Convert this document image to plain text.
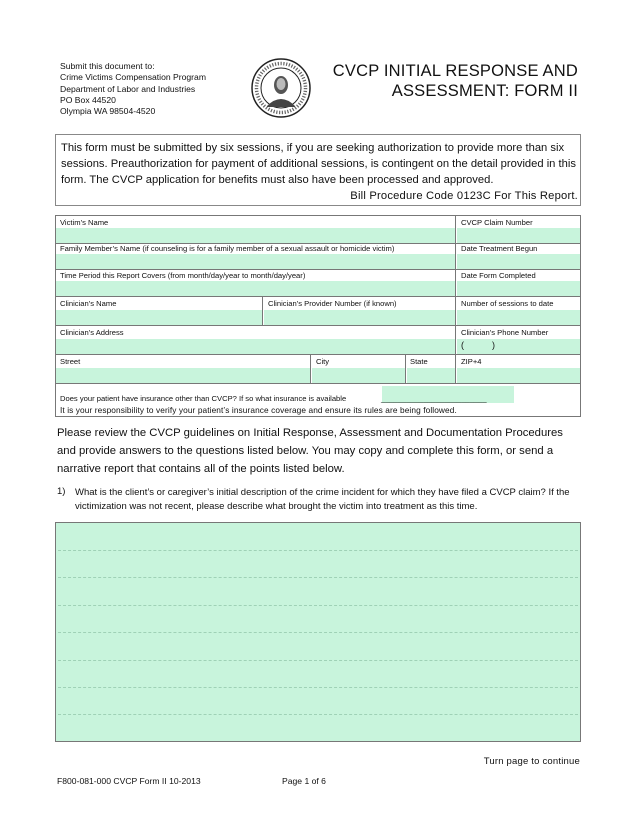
Submit this document to:
Crime Victims Compensation Program
Department of Labor and Industries
PO Box 44520
Olympia WA 98504-4520
CVCP INITIAL RESPONSE AND
ASSESSMENT: FORM II
This form must be submitted by six sessions, if you are seeking authorization to provide more than six sessions. Preauthorization for payment of additional sessions, is contingent on the detail provided in this form. The CVCP application for benefits must also have been processed and approved.
Bill Procedure Code 0123C For This Report.
Victim’s Name	CVCP Claim Number
Family Member’s Name (if counseling is for a family member of a sexual assault or homicide victim)	Date Treatment Begun
Time Period this Report Covers (from month/day/year to month/day/year)	Date Form Completed
Clinician’s Name	Clinician’s Provider Number (if known)	Number of sessions to date
Clinician’s Address	Clinician’s Phone Number
(	)
Street	City	State	ZIP+4
Does your patient have insurance other than CVCP? If so what insurance is available	_________________________
It is your responsibility to verify your patient’s insurance coverage and ensure its rules are being followed.
Please review the CVCP guidelines on Initial Response, Assessment and Documentation Procedures and provide answers to the questions listed below. You may copy and complete this form, or send a narrative report that contains all of the points listed below.
1) What is the client’s or caregiver’s initial description of the crime incident for which they have filed a CVCP claim? If the victimization was not recent, please describe what brought the victim into treatment as this time.
Turn page to continue
F800-081-000 CVCP Form II 10-2013	Page 1 of 6
